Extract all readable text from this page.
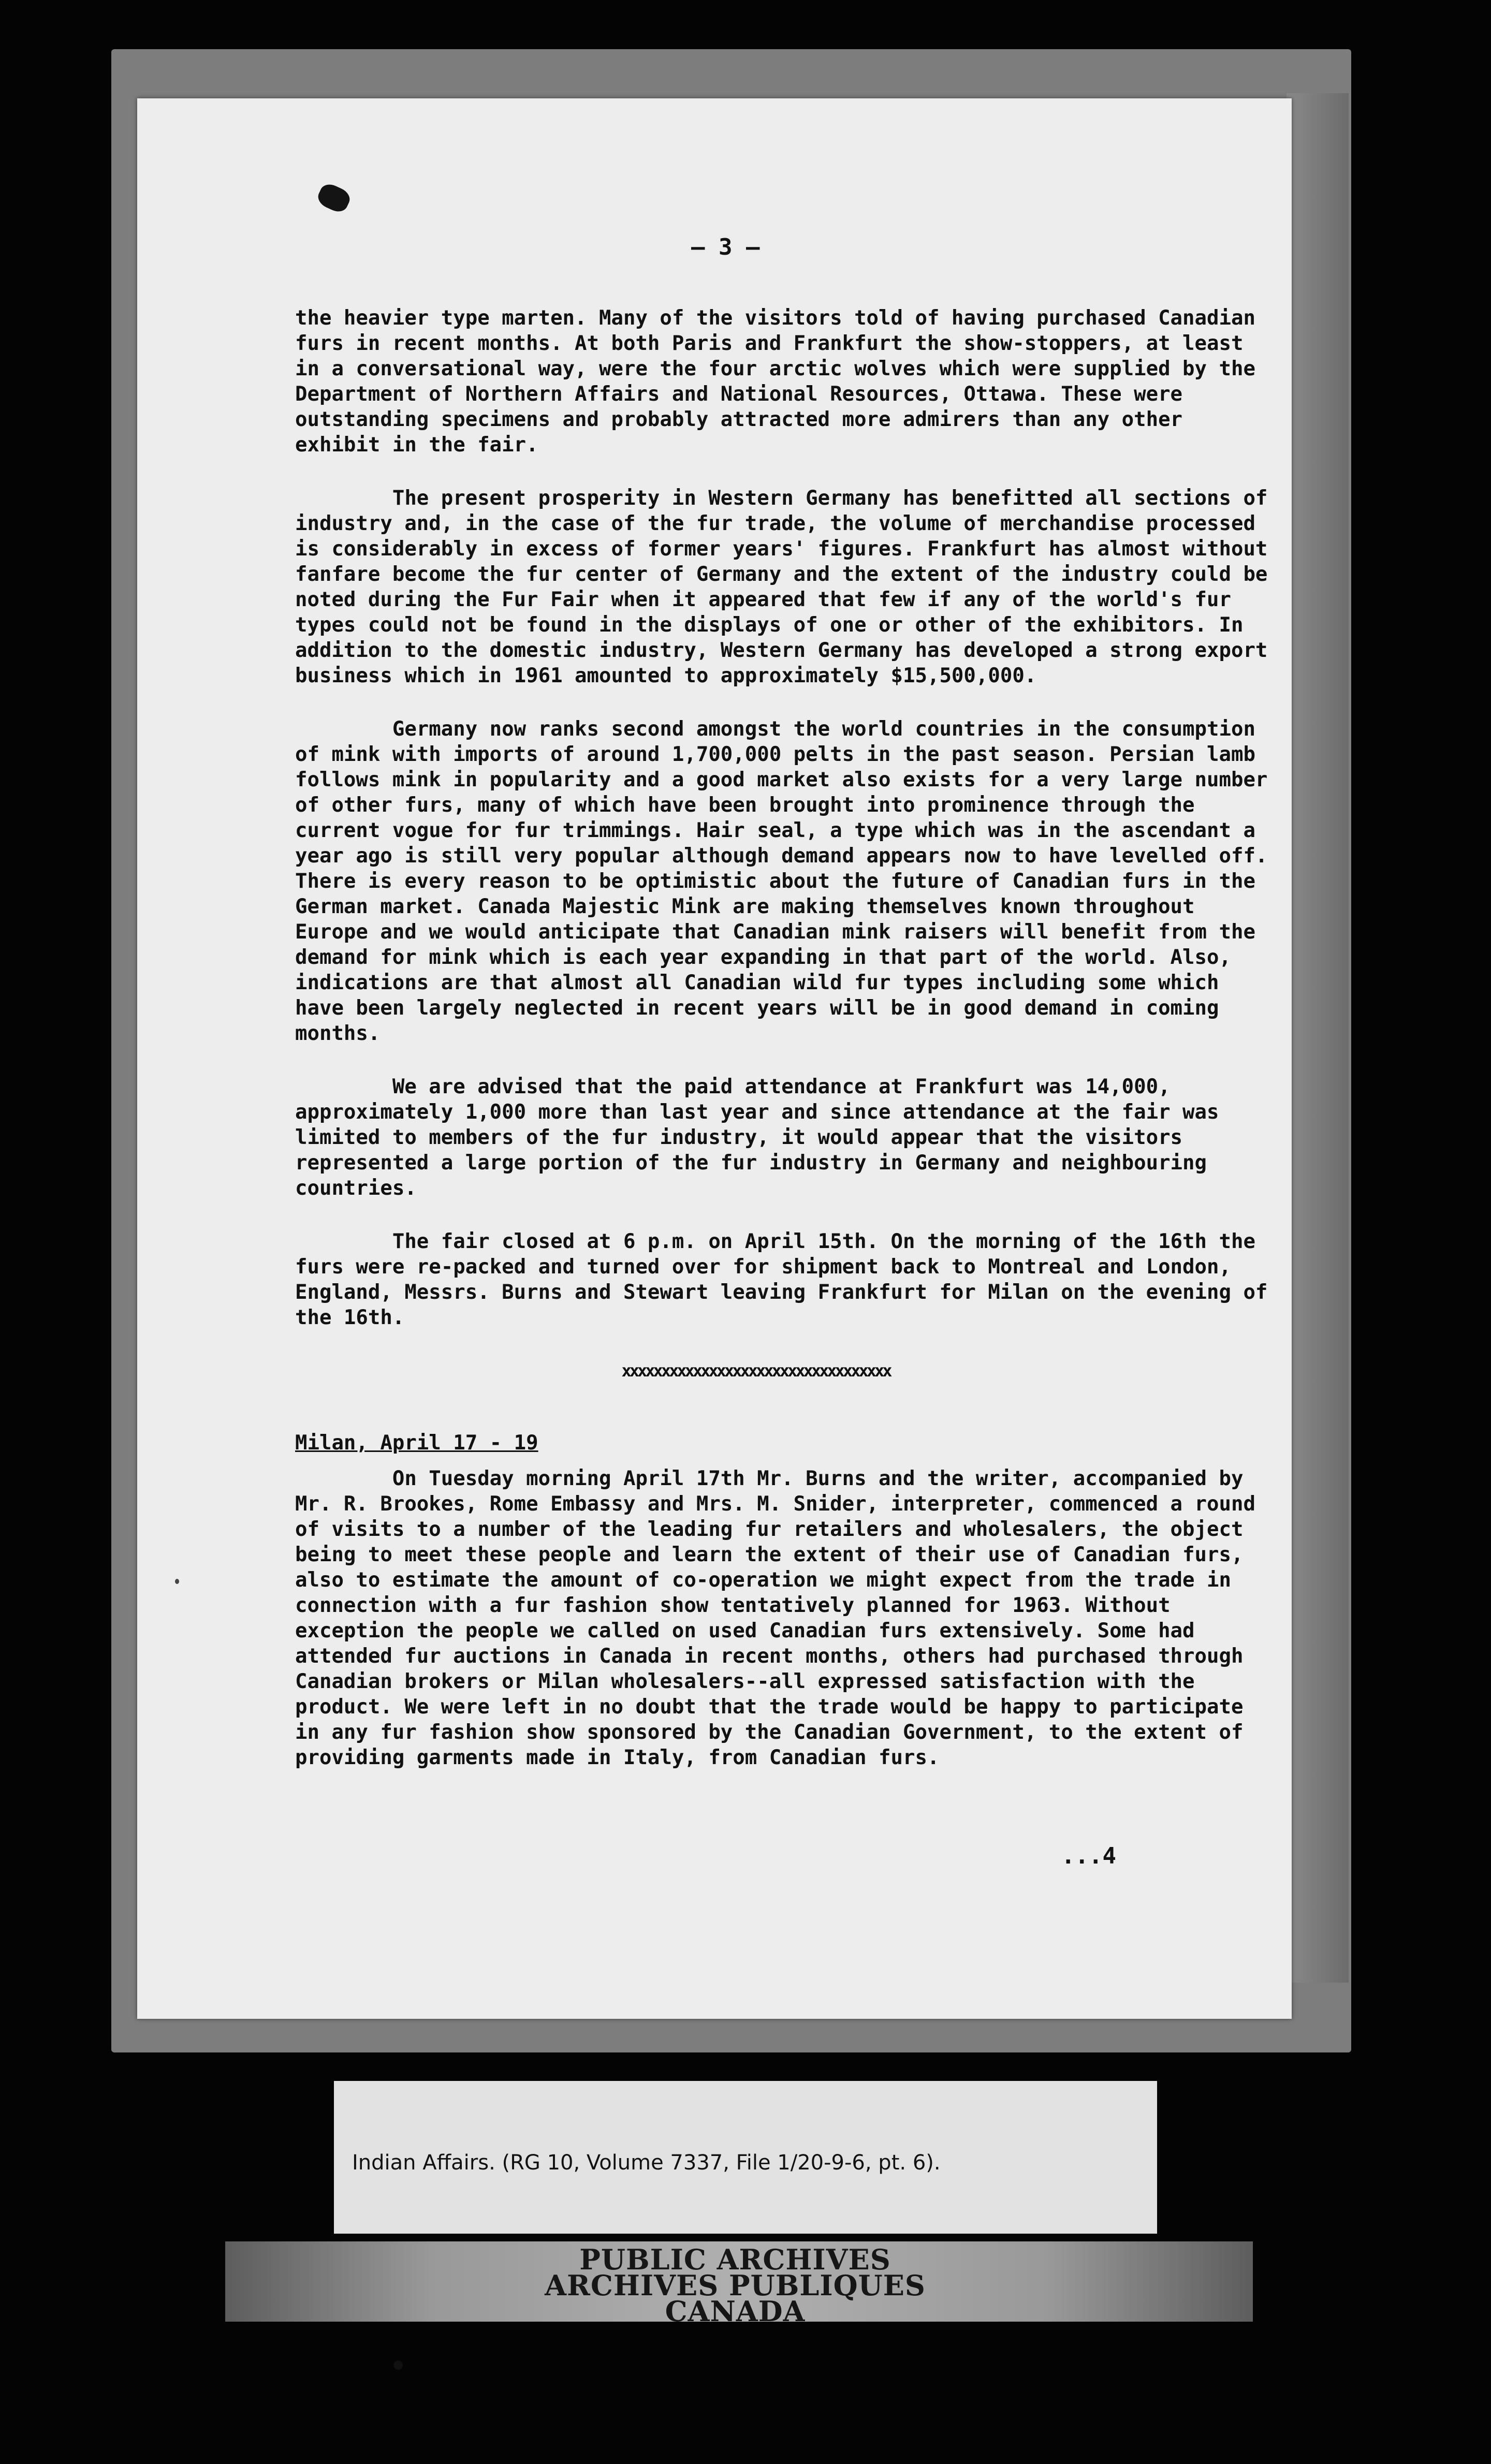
– 3 –

the heavier type marten. Many of the visitors told of having purchased Canadian furs in recent months. At both Paris and Frankfurt the show-stoppers, at least in a conversational way, were the four arctic wolves which were supplied by the Department of Northern Affairs and National Resources, Ottawa. These were outstanding specimens and probably attracted more admirers than any other exhibit in the fair.

The present prosperity in Western Germany has benefitted all sections of industry and, in the case of the fur trade, the volume of merchandise processed is considerably in excess of former years' figures. Frankfurt has almost without fanfare become the fur center of Germany and the extent of the industry could be noted during the Fur Fair when it appeared that few if any of the world's fur types could not be found in the displays of one or other of the exhibitors. In addition to the domestic industry, Western Germany has developed a strong export business which in 1961 amounted to approximately $15,500,000.

Germany now ranks second amongst the world countries in the consumption of mink with imports of around 1,700,000 pelts in the past season. Persian lamb follows mink in popularity and a good market also exists for a very large number of other furs, many of which have been brought into prominence through the current vogue for fur trimmings. Hair seal, a type which was in the ascendant a year ago is still very popular although demand appears now to have levelled off. There is every reason to be optimistic about the future of Canadian furs in the German market. Canada Majestic Mink are making themselves known throughout Europe and we would anticipate that Canadian mink raisers will benefit from the demand for mink which is each year expanding in that part of the world. Also, indications are that almost all Canadian wild fur types including some which have been largely neglected in recent years will be in good demand in coming months.

We are advised that the paid attendance at Frankfurt was 14,000, approximately 1,000 more than last year and since attendance at the fair was limited to members of the fur industry, it would appear that the visitors represented a large portion of the fur industry in Germany and neighbouring countries.

The fair closed at 6 p.m. on April 15th. On the morning of the 16th the furs were re-packed and turned over for shipment back to Montreal and London, England, Messrs. Burns and Stewart leaving Frankfurt for Milan on the evening of the 16th.

xxxxxxxxxxxxxxxxxxxxxxxxxxxxxxxxxx
Milan, April 17 - 19

On Tuesday morning April 17th Mr. Burns and the writer, accompanied by Mr. R. Brookes, Rome Embassy and Mrs. M. Snider, interpreter, commenced a round of visits to a number of the leading fur retailers and wholesalers, the object being to meet these people and learn the extent of their use of Canadian furs, also to estimate the amount of co-operation we might expect from the trade in connection with a fur fashion show tentatively planned for 1963. Without exception the people we called on used Canadian furs extensively. Some had attended fur auctions in Canada in recent months, others had purchased through Canadian brokers or Milan wholesalers--all expressed satisfaction with the product. We were left in no doubt that the trade would be happy to participate in any fur fashion show sponsored by the Canadian Government, to the extent of providing garments made in Italy, from Canadian furs.

...4
Indian Affairs. (RG 10, Volume 7337, File 1/20-9-6, pt. 6).
PUBLIC ARCHIVES
ARCHIVES PUBLIQUES
CANADA
